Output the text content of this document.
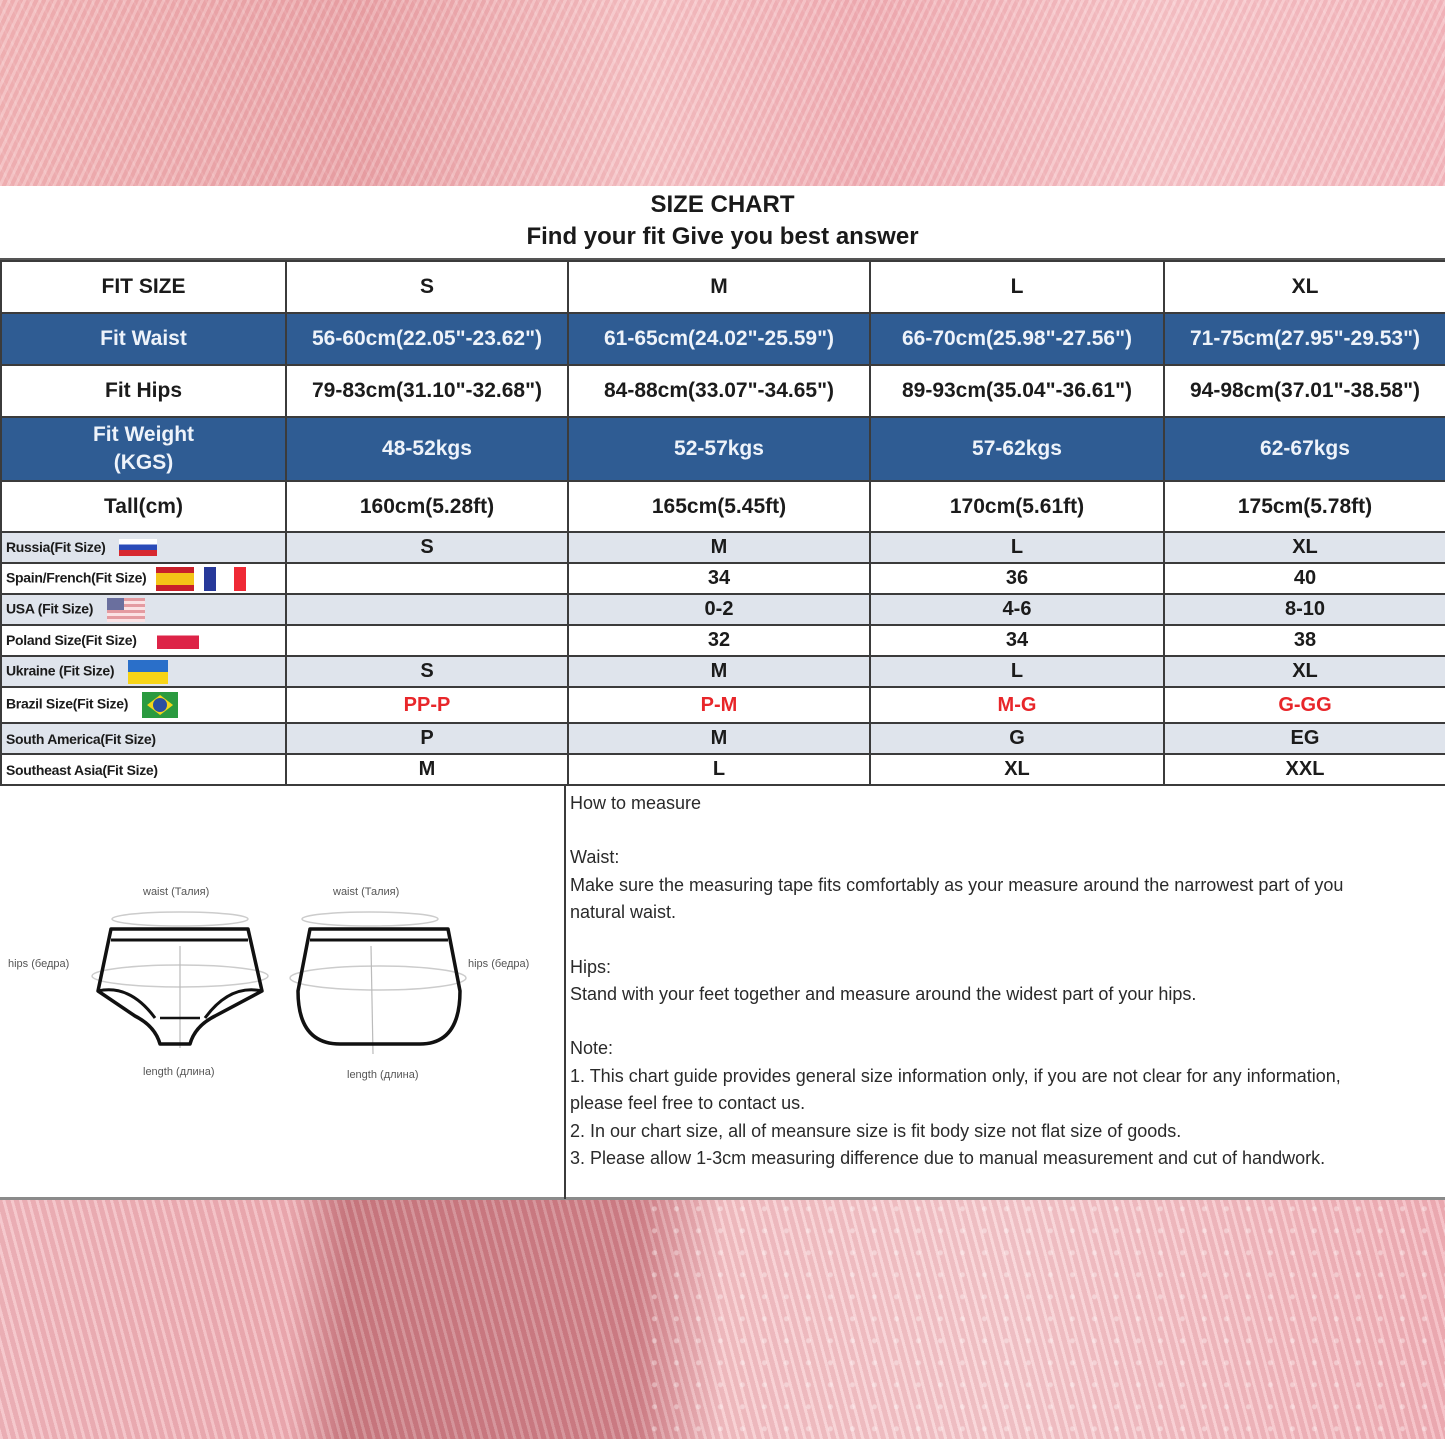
SIZE CHART
Find your fit Give you best answer
FIT SIZE	S	M	L	XL
Fit Waist	56-60cm(22.05"-23.62")	61-65cm(24.02"-25.59")	66-70cm(25.98"-27.56")	71-75cm(27.95"-29.53")
Fit Hips	79-83cm(31.10"-32.68")	84-88cm(33.07"-34.65")	89-93cm(35.04"-36.61")	94-98cm(37.01"-38.58")

Fit Weight
(KGS)	48-52kgs	52-57kgs	57-62kgs	62-67kgs
Tall(cm)	160cm(5.28ft)	165cm(5.45ft)	170cm(5.61ft)	175cm(5.78ft)
Russia(Fit Size)	S	M	L	XL
Spain/French(Fit Size)		34	36	40
USA (Fit Size)		0-2	4-6	8-10
Poland Size(Fit Size)		32	34	38
Ukraine (Fit Size)	S	M	L	XL
Brazil Size(Fit Size)	PP-P	P-M	M-G	G-GG
South America(Fit Size)	P	M	G	EG
Southeast Asia(Fit Size)	M	L	XL	XXL
waist (Талия)
hips (бедра)
length (длина)
waist (Талия)
hips (бедра)
length (длина)
How to measure
Waist:
Make sure the measuring tape fits comfortably as your measure around the narrowest part of you
natural waist.
Hips:
Stand with your feet together and measure around the widest part of your hips.
Note:
1. This chart guide provides general size information only, if you are not clear for any information,
please feel free to contact us.
2. In our chart size, all of meansure size is fit body size not flat size of goods.
3. Please allow 1-3cm measuring difference due to manual measurement and cut of handwork.
